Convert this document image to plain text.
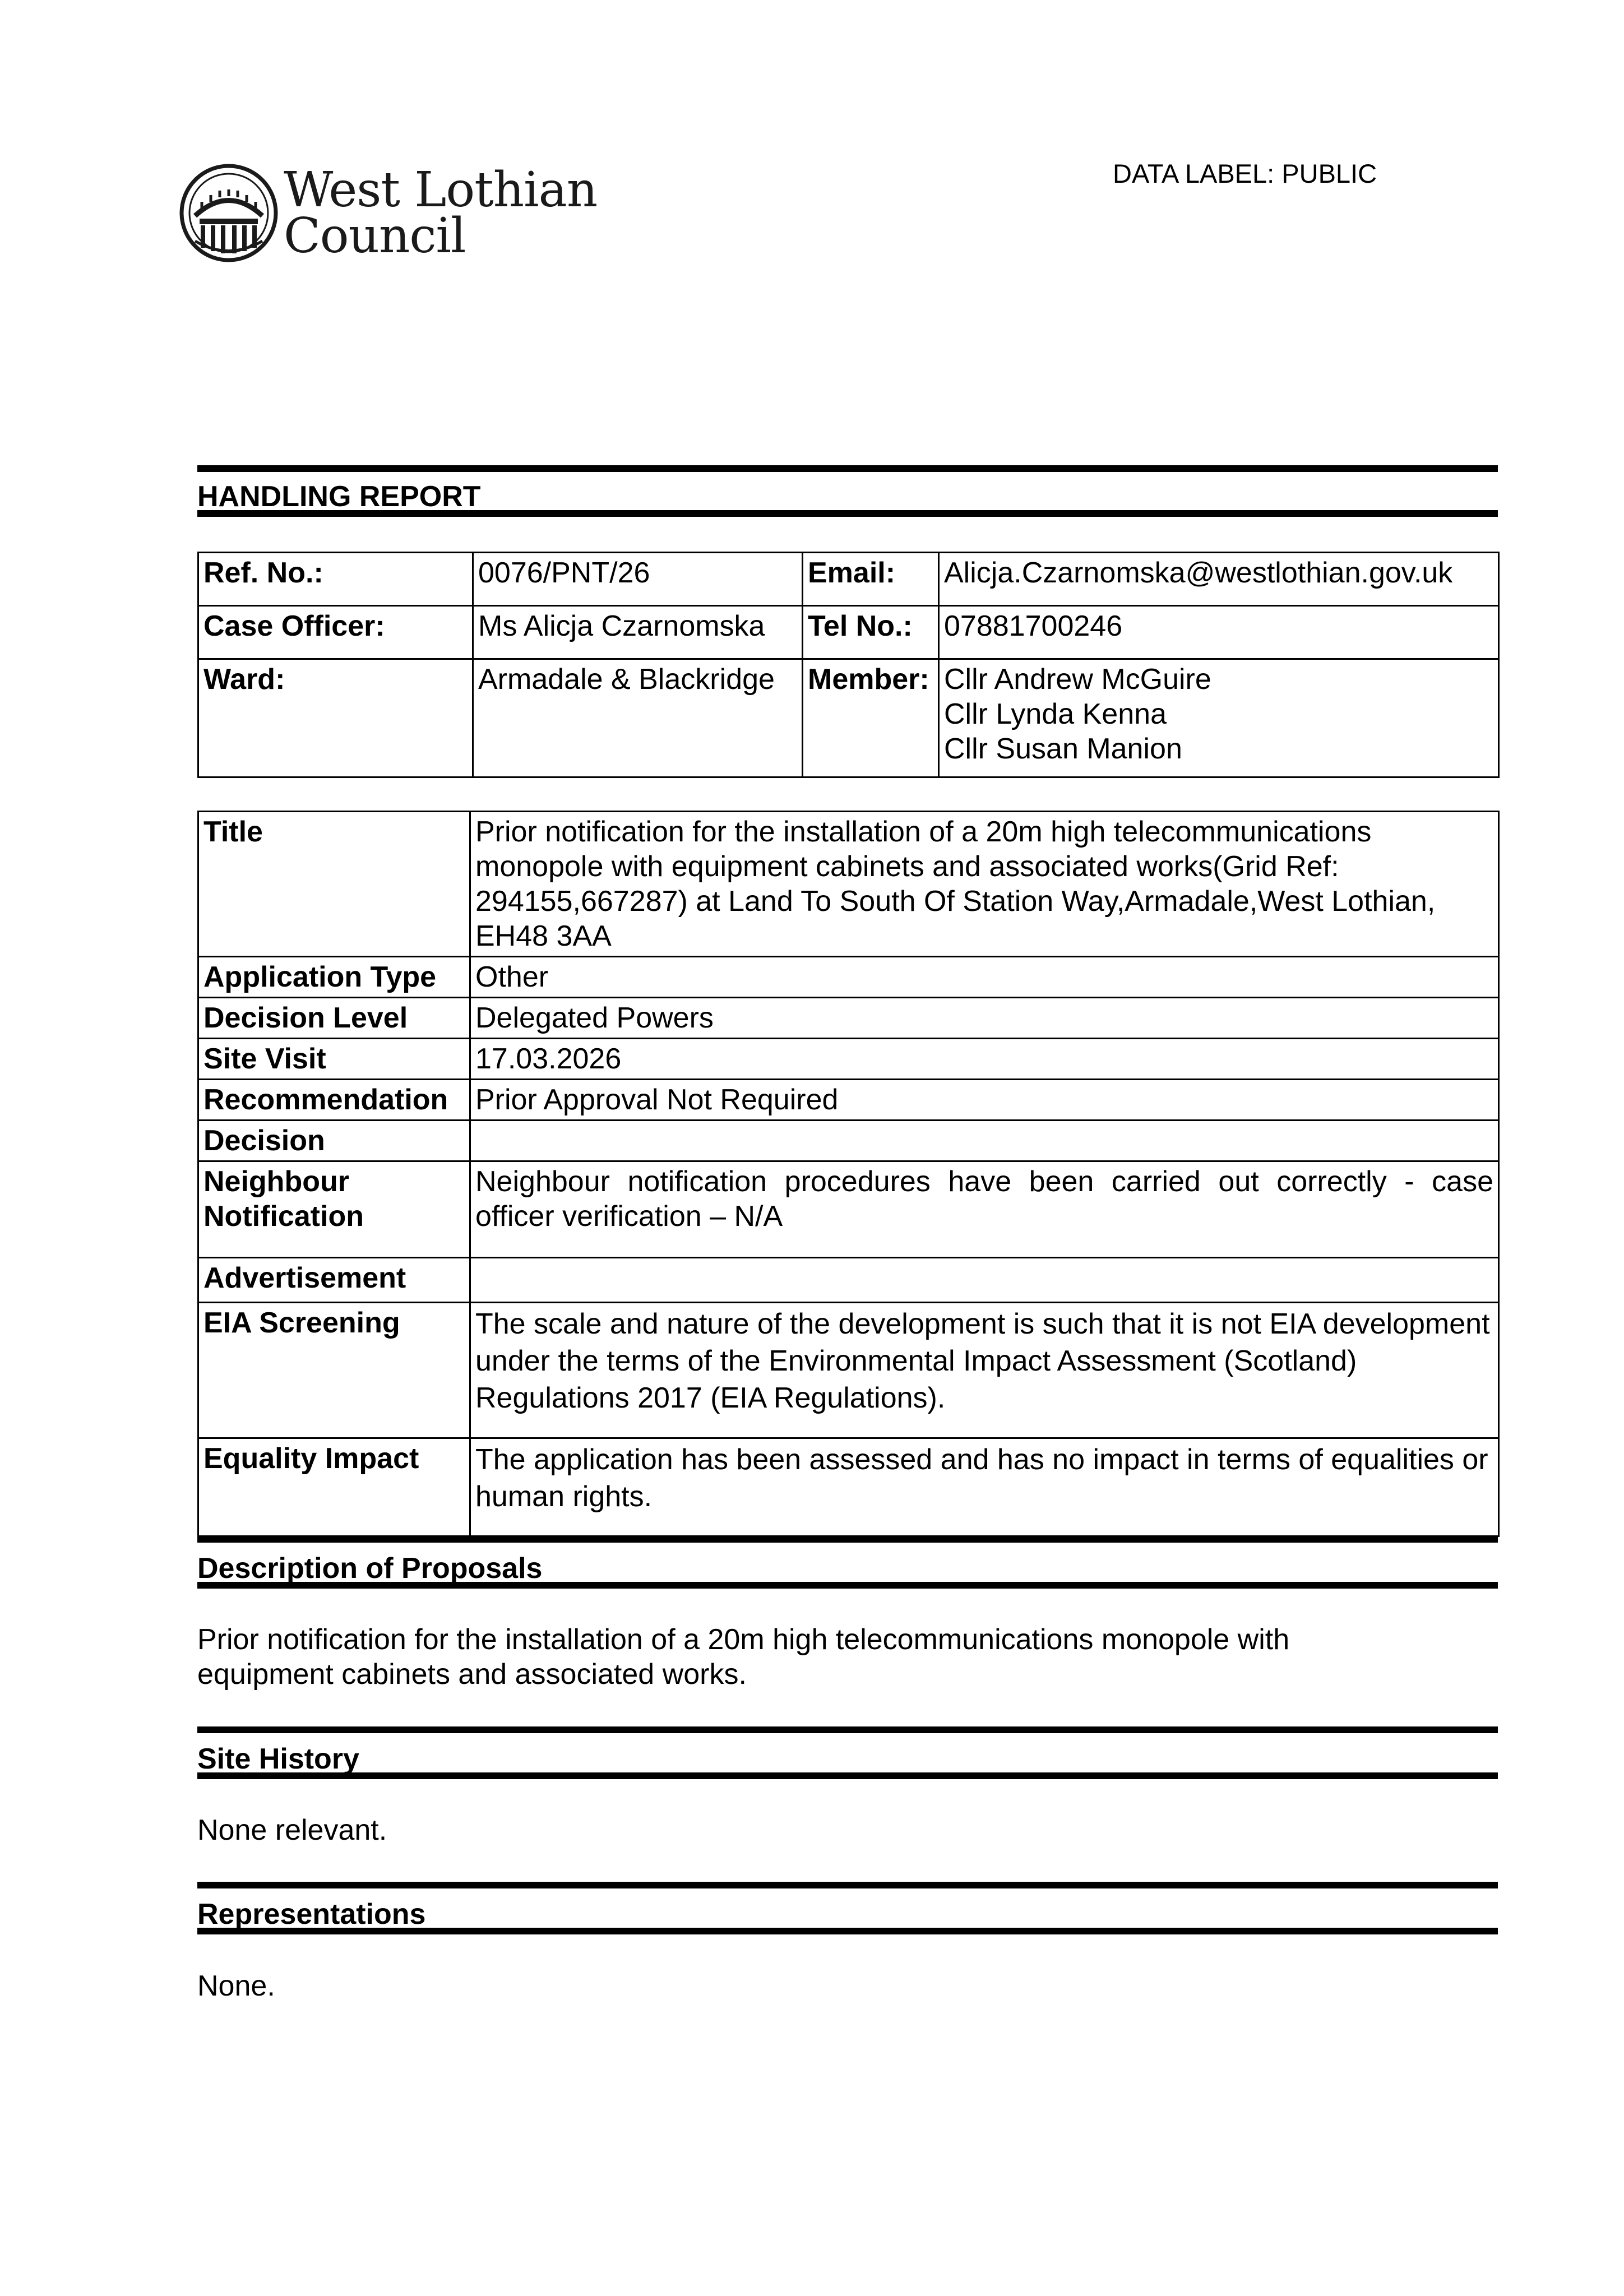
West Lothian
Council
DATA LABEL: PUBLIC
HANDLING REPORT
Ref. No.:	0076/PNT/26	Email:	Alicja.Czarnomska@westlothian.gov.uk
Case Officer:	Ms Alicja Czarnomska	Tel No.:	07881700246
Ward:	Armadale & Blackridge	Member:	Cllr Andrew McGuire
Cllr Lynda Kenna
Cllr Susan Manion
Title	Prior notification for the installation of a 20m high telecommunications monopole with equipment cabinets and associated works(Grid Ref: 294155,667287) at Land To South Of Station Way,Armadale,West Lothian, EH48 3AA
Application Type	Other
Decision Level	Delegated Powers
Site Visit	17.03.2026
Recommendation	Prior Approval Not Required
Decision	
Neighbour Notification	Neighbour notification procedures have been carried out correctly - case officer verification – N/A
Advertisement	
EIA Screening	The scale and nature of the development is such that it is not EIA development under the terms of the Environmental Impact Assessment (Scotland) Regulations 2017 (EIA Regulations).
Equality Impact	The application has been assessed and has no impact in terms of equalities or human rights.
Description of Proposals
Prior notification for the installation of a 20m high telecommunications monopole with equipment cabinets and associated works.
Site History
None relevant.
Representations
None.
